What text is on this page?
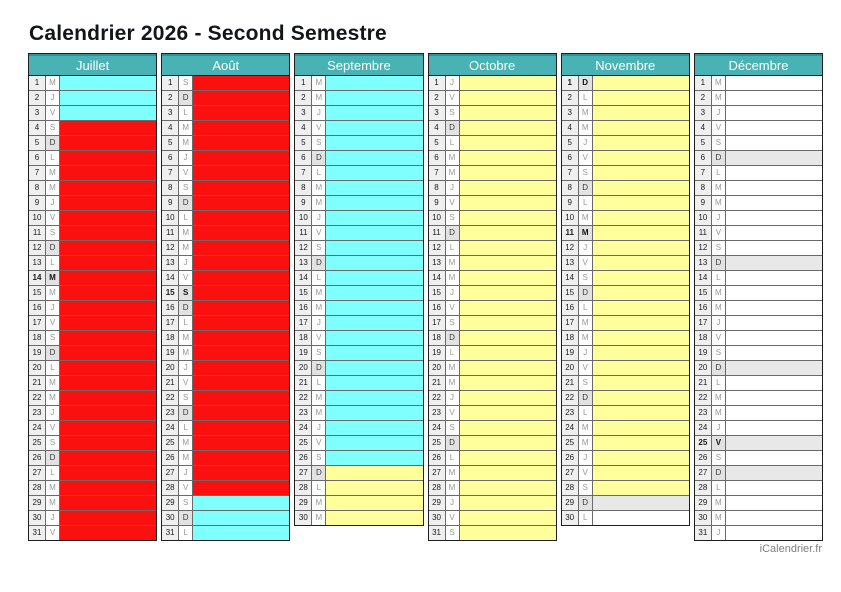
Calendrier 2026 - Second Semestre
Juillet
1	M
2	J
3	V
4	S
5	D
6	L
7	M
8	M
9	J
10	V
11	S
12	D
13	L
14 M
15 M
16	J
17	V
18	S
19	D
20	L
21 M
22 M
23	J
24	V
25	S
26	D
27	L
28 M
29 M
30	J
31	V
Août
1	S
2	D
3	L
4	M
5	M
6	J
7	V
8	S
9	D
10	L
11	M
12 M
13	J
14	V
15	S
16	D
17	L
18 M
19 M
20	J
21	V
22	S
23	D
24	L
25 M
26 M
27	J
28	V
29	S
30	D
31	L
Septembre
1	M
2	M
3	J
4	V
5	S
6	D
7	L
8	M
9	M
10	J
11	V
12	S
13	D
14	L
15 M
16 M
17	J
18	V
19	S
20	D
21	L
22 M
23 M
24	J
25	V
26	S
27	D
28	L
29 M
30 M
Octobre
1	J
2	V
3	S
4	D
5	L
6	M
7	M
8	J
9	V
10	S
11	D
12	L
13 M
14 M
15	J
16	V
17	S
18	D
19	L
20 M
21 M
22	J
23	V
24	S
25	D
26	L
27 M
28 M
29	J
30	V
31	S
Novembre
1	D
2	L
3	M
4	M
5	J
6	V
7	S
8	D
9	L
10 M
11 M
12	J
13	V
14	S
15	D
16	L
17 M
18 M
19	J
20	V
21	S
22	D
23	L
24 M
25 M
26	J
27	V
28	S
29	D
30	L
Décembre
1	M
2	M
3	J
4	V
5	S
6	D
7	L
8	M
9	M
10	J
11	V
12	S
13	D
14	L
15 M
16 M
17	J
18	V
19	S
20	D
21	L
22 M
23 M
24	J
25	V
26	S
27	D
28	L
29 M
30 M
31	J
iCalendrier.fr
